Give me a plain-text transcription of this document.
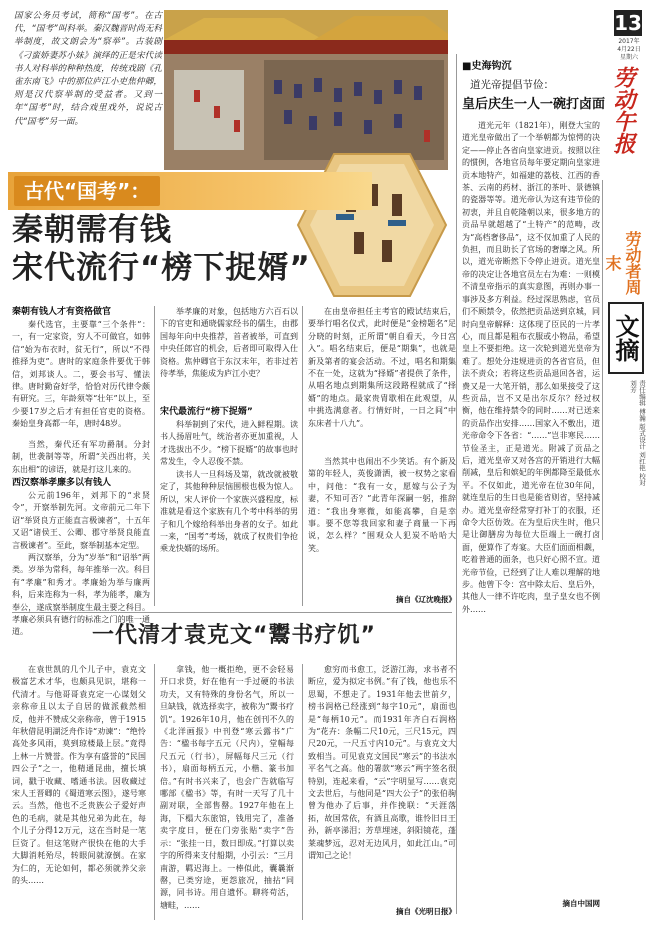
国家公务员考试，简称“国考”。在古代，“国考”叫科举。秦汉魏晋时尚无科举制度，故文朗会为“察举”。古装剧《刁蛮娇妻苏小妹》演绎的正是宋代读书人对科举的种种热度，传统戏剧《孔雀东南飞》中的那位庐江小吏焦仲卿，则是汉代察举制的受益者。又到一年“国考”时，结合戏里戏外，说说古代“国考”另一面。
古代“国考”：
秦朝需有钱
宋代流行“榜下捉婿”
13
2017年
4月22日
星期六
劳动午报
劳动者周末
文摘
责任编辑 傅瀚 版式设计 刘红艳 校对 刘芳
■史海钩沉
道光帝提倡节俭：
皇后庆生一人一碗打卤面

道光元年（1821年），刚登大宝的道光皇帝做出了一个举朝都为惊愕的决定——停止各省向皇家进贡。按照以往的惯例，各地官员每年要定期向皇家进贡本地特产，如福建的荔枝、江西的香茶、云南的药材、浙江的茶叶、景德镇的瓷器等等。道光帝认为这有违节俭的初衷，并且自乾隆朝以来，很多地方的贡品早就超越了“土特产”的范畴，改为“高档奢侈品”，这不仅加重了人民的负担，而且助长了官场的奢靡之风。所以，道光帝断然下令停止进贡。道光皇帝的决定让各地官员左右为难：一则模不清皇帝指示的真实意图，再则办事一事涉及多方利益。经过深思熟虑，官员们不顾禁令，依然把贡品送到京城，同时向皇帝解释：这体现了臣民的一片孝心，而且都是粗布衣服或小物品，希望皇上不要拒绝。这一次轮到道光皇帝为难了。想处分违规进贡的各省官员，但法不责众；若将这些贡品退回各省，运费又是一大笔开销，那么如果接受了这些贡品，岂不又是出尔反尔？经过权衡，他在维持禁令的同时……对已送来的贡品作出安排……国家入不敷出，道光帝命令下各省：“……”岂非寒民……节俭圣主，正是道光。附减了贡品之后，道光皇帝又对各宫的开销进行大幅削减，皇后和嫔妃的年例都降至最低水平。不仅如此，道光帝在位30年间，就连皇后的生日也是能省则省，坚持减办。道光皇帝经常穿打补丁的衣服，还命令大臣仿效。在为皇后庆生时，他只是让御膳房为每位大臣端上一碗打卤面，便算作了寿宴。大臣们面面相觑，吃着普通的面条，也只好心照不宣。道光帝节俭，已经到了让人难以理解的地步。他曾下令：宫中除太后、皇后外，其他人一律不许吃肉，皇子皇女也不例外……

摘自中国网
秦朝有钱人才有资格做官
秦代选官，主要靠“三个条件”：一，有一定家资，穷人不可做官，如韩信“始为布衣时，贫无行”，所以“不得推择为吏”。唐时的家庭条件要优于韩信，刘邦谈人。二，要会书写、懂法律。唐时勤奋好学，恰恰对历代律令颇有研究。三，年龄须等“壮年”以上，至少要17岁之后才有担任官吏的资格。秦始皇身高都一年，唐时48岁。
当然，秦代还有军功爵制。分封制，世袭制等等，所谓“关西出将，关东出相”的谚语，就是打这儿来的。
西汉察举孝廉多以有钱人
公元前196年，刘邦下的“求贤令”，开察举制先河。文帝前元二年下诏“举贤良方正能直言极谏者”，十五年又诏“诸侯王、公卿、郡守举贤良能直言极谏者”。至此，察举制基本定型。
两汉察举，分为“岁举”和“诏举”两类。岁举为常科，每年推举一次。科目有“孝廉”和秀才。孝廉始为举与廉两科，后来连称为一科，孝为能孝，廉为奉公，遂成察举制度生最主要之科目。孝廉必须具有德行的标准之门的唯一通道。
举孝廉的对象，包括地方六百石以下的官吏和通晓儒家经书的儒生，由郡国每年向中央推荐，首者被举，可直到中央任郎官的机会，后者即可取得入仕资格。焦仲卿官于东汉末年，若非过若待孝举，焦能成为庐江小吏？
宋代最流行“榜下捉婿”
科举制到了宋代，进入鲜程期。读书人扬眉吐气，统治者亦更加重视，人才选拔出不少。“榜下捉婿”的故事也时常发生，令人忍俊不禁。
读书人一旦科场及第，就改就被敬定了，其他种种层恼围根也极为惊人。所以，宋人评价一个家族兴盛程度，标准就是看这个家族有几个考中科举的男子和几个嫁给科举出身者的女子。如此一来，“国考”考场，就成了权贵们争抢乘龙快婿的场所。
在由皇帝担任主考官的殿试结束后，要举行唱名仪式，此时便是“金榜题名”足分晓的时刻，正所谓“朝自看天，今日宫入”。唱名结束后，便是“期集”，也就是新及第者的宴会活动。不过，唱名和期集不在一处，这就为“择婿”者提供了条件，从唱名地点到期集所这段路程就成了“择婿”的地点。最家贵胄歇相在此观望，从中挑选满意者。行情好时，一日之间“中东床者十八九”。
当然其中也闹出不少笑话。有个新及第的年轻人，英俊潇洒，被一权势之家看中，问他：“我有一女，愿嫁与公子为妻，不知可否？”此青年深嗣一躬，推辞道：“我出身寒微，如能高攀，自是幸事。要不您等我回家和妻子商量一下再说，怎么样？”围观众人犯炭不哈哈大笑。
摘自《辽沈晚报》
一代清才袁克文“鬻书疗饥”
在袁世凯的几个儿子中，袁克文极富艺术才华，也颇具见识，堪称一代清才。与他哥哥袁克定一心谋划父亲称帝且以太子自居的做派截然相反，他并不赞成父亲称帝，曾于1915年秋借昆明湖泛舟作诗“劝谏”：“绝怜高处多风雨，莫到琼楼最上层。”竟得上林一片赞誉。作为享有盛誉的“民国四公子”之一，他精通昆曲，擅长填词，戳于收藏、嗜通书法。因收藏过宋人王晋卿的《蜀道寒云图》，遂号寒云。当然，他也不乏贵族公子爱好声色的毛病，就是其他兄弟为此在，每个儿子分得12万元，这在当时是一笔巨资了。但这笔财产很快在他的大手大脚消耗殆尽，转眼间就潦倒。在家为仁的，无论如何，都必须就养父亲的头……
拿钱，他一概拒绝，更不会轻易开口求贷，好在他有一手过硬的书法功夫，又有特殊的身份名气，所以一旦缺钱，就选择卖字，被称为“鬻书疗饥”。1926年10月，他在创刊不久的《北洋画报》中刊登“寒云露书”广告：“楹书每字五元（尺内），堂幅每尺五元（行书），屏幅每尺三元（行书），扇面每柄五元，小楷、篆书加倍。”有时书兴来了，也会广告就临写哪部《楹书》等，有时一天写了几十副对联，全部售罄。1927年他在上海，下榻大东旅馆，钱用完了，准备卖字度日，便在门旁张贴“卖字”告示：“张挂一日，数日即成。”打算以卖字的所得来支付船期，小引云：“三月南游，羁迟海上。一棒似此，囊曩渐罄，已类穷途，更怨旅况，抽拈“同源，同书诗。用自遗怀。聊将苟活，塘畦，……
愈穷而书愈工，泛游江海，求书者不断应，爱为拟定书例。”有了钱，他也乐不思蜀，不想走了。1931年他去世前夕，榜书润格已经涨到“每字10元”，扇面也是“每柄10元”。而1931年齐白石润格为“花卉：条幅二尺10元，三尺15元，四尺20元，一尺五寸内10元”。与袁克文大致相当。可见袁克文国民“寒云”的书法水平名气之高。他的署款“寒云”两字签名很特别，连起来看，“云”字明显写……袁克文去世后，与他同是“四大公子”的张伯驹曾为他办了后事，并作挽联：“天涯落拓，故国常依，有酒且高歌，谁怜旧日王孙，新亭涕泪；芳草埋迷，斜阳镜花，蓬莱魂梦远，忍对无边风月，如此江山。”可谓知己之论！
摘自《光明日报》
